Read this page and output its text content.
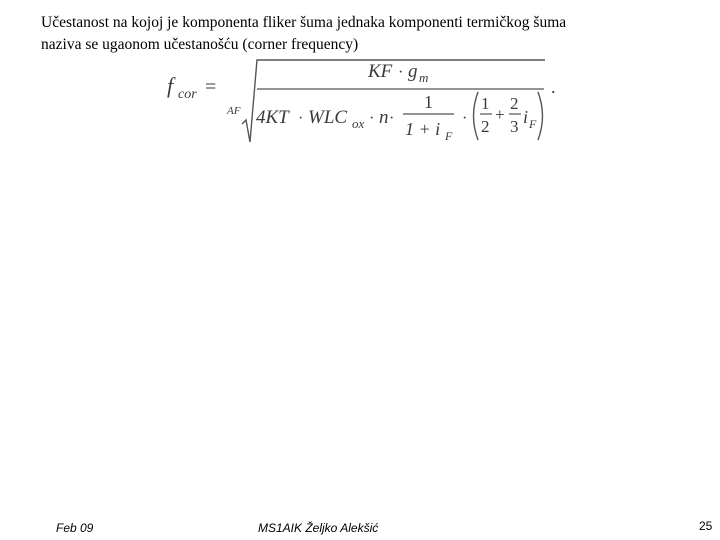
Učestanost na kojoj je komponenta fliker šuma jednaka komponenti termičkog šuma
naziva se ugaonom učestanošću (corner frequency)
f cor =
AF
KF · g m
4KT · WLC ox · n ·
1
1 + i F
·
1
2
+
2
3 i F
.
Feb 09	MS1AIK Željko Alekšić	25
